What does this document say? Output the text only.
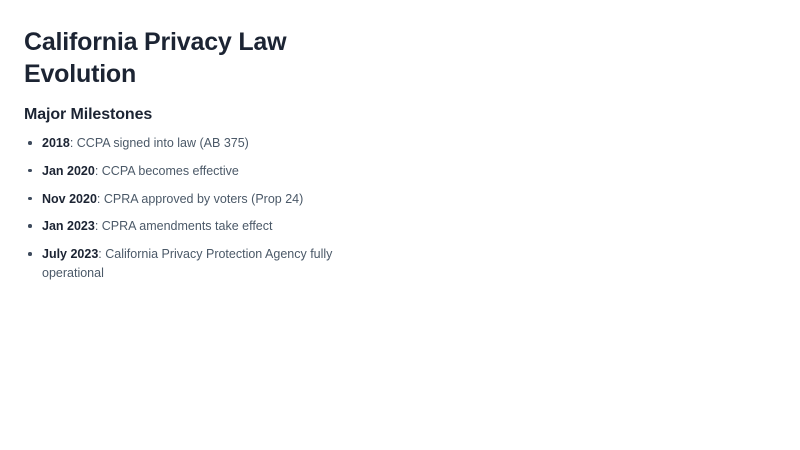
California Privacy Law Evolution
Major Milestones
2018: CCPA signed into law (AB 375)
Jan 2020: CCPA becomes effective
Nov 2020: CPRA approved by voters (Prop 24)
Jan 2023: CPRA amendments take effect
July 2023: California Privacy Protection Agency fully operational
